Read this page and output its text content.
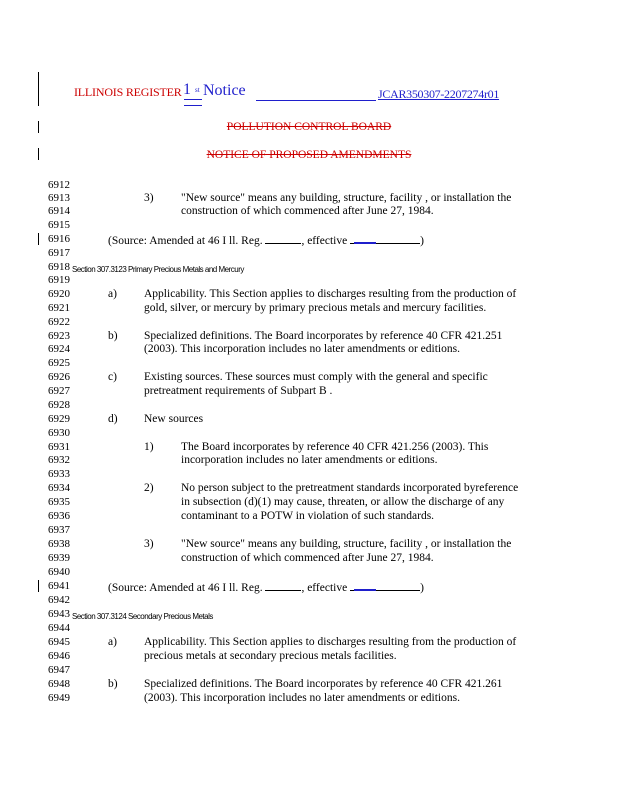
ILLINOIS REGISTER 1 st Notice	JCAR350307-2207274r01
POLLUTION CONTROL BOARD
NOTICE OF PROPOSED AMENDMENTS
6912
6913
6914
6915
6916
6917
6918
6919
6920
6921
6922
6923
6924
6925
6926
6927
6928
6929
6930
6931
6932
6933
6934
6935
6936
6937
6938
6939
6940
6941
6942
6943
6944
6945
6946
6947
6948
6949
3) "New source" means any building, structure, facility , or installation the
construction of which commenced after June 27, 1984.
(Source: Amended at 46 I ll. Reg.	, effective	)
Section 307.3123 Primary Precious Metals and Mercury
a) Applicability. This Section applies to discharges resulting from the production of
gold, silver, or mercury by primary precious metals and mercury facilities.
b) Specialized definitions. The Board incorporates by reference 40 CFR 421.251
(2003). This incorporation includes no later amendments or editions.
c) Existing sources. These sources must comply with the general and specific
pretreatment requirements of Subpart B .
d) New sources
1) The Board incorporates by reference 40 CFR 421.256 (2003). This
incorporation includes no later amendments or editions.
2) No person subject to the pretreatment standards incorporated byreference
in subsection (d)(1) may cause, threaten, or allow the discharge of any
contaminant to a POTW in violation of such standards.
3) "New source" means any building, structure, facility , or installation the
construction of which commenced after June 27, 1984.
(Source: Amended at 46 I ll. Reg.	, effective	)
Section 307.3124 Secondary Precious Metals
a) Applicability. This Section applies to discharges resulting from the production of
precious metals at secondary precious metals facilities.
b) Specialized definitions. The Board incorporates by reference 40 CFR 421.261
(2003). This incorporation includes no later amendments or editions.
